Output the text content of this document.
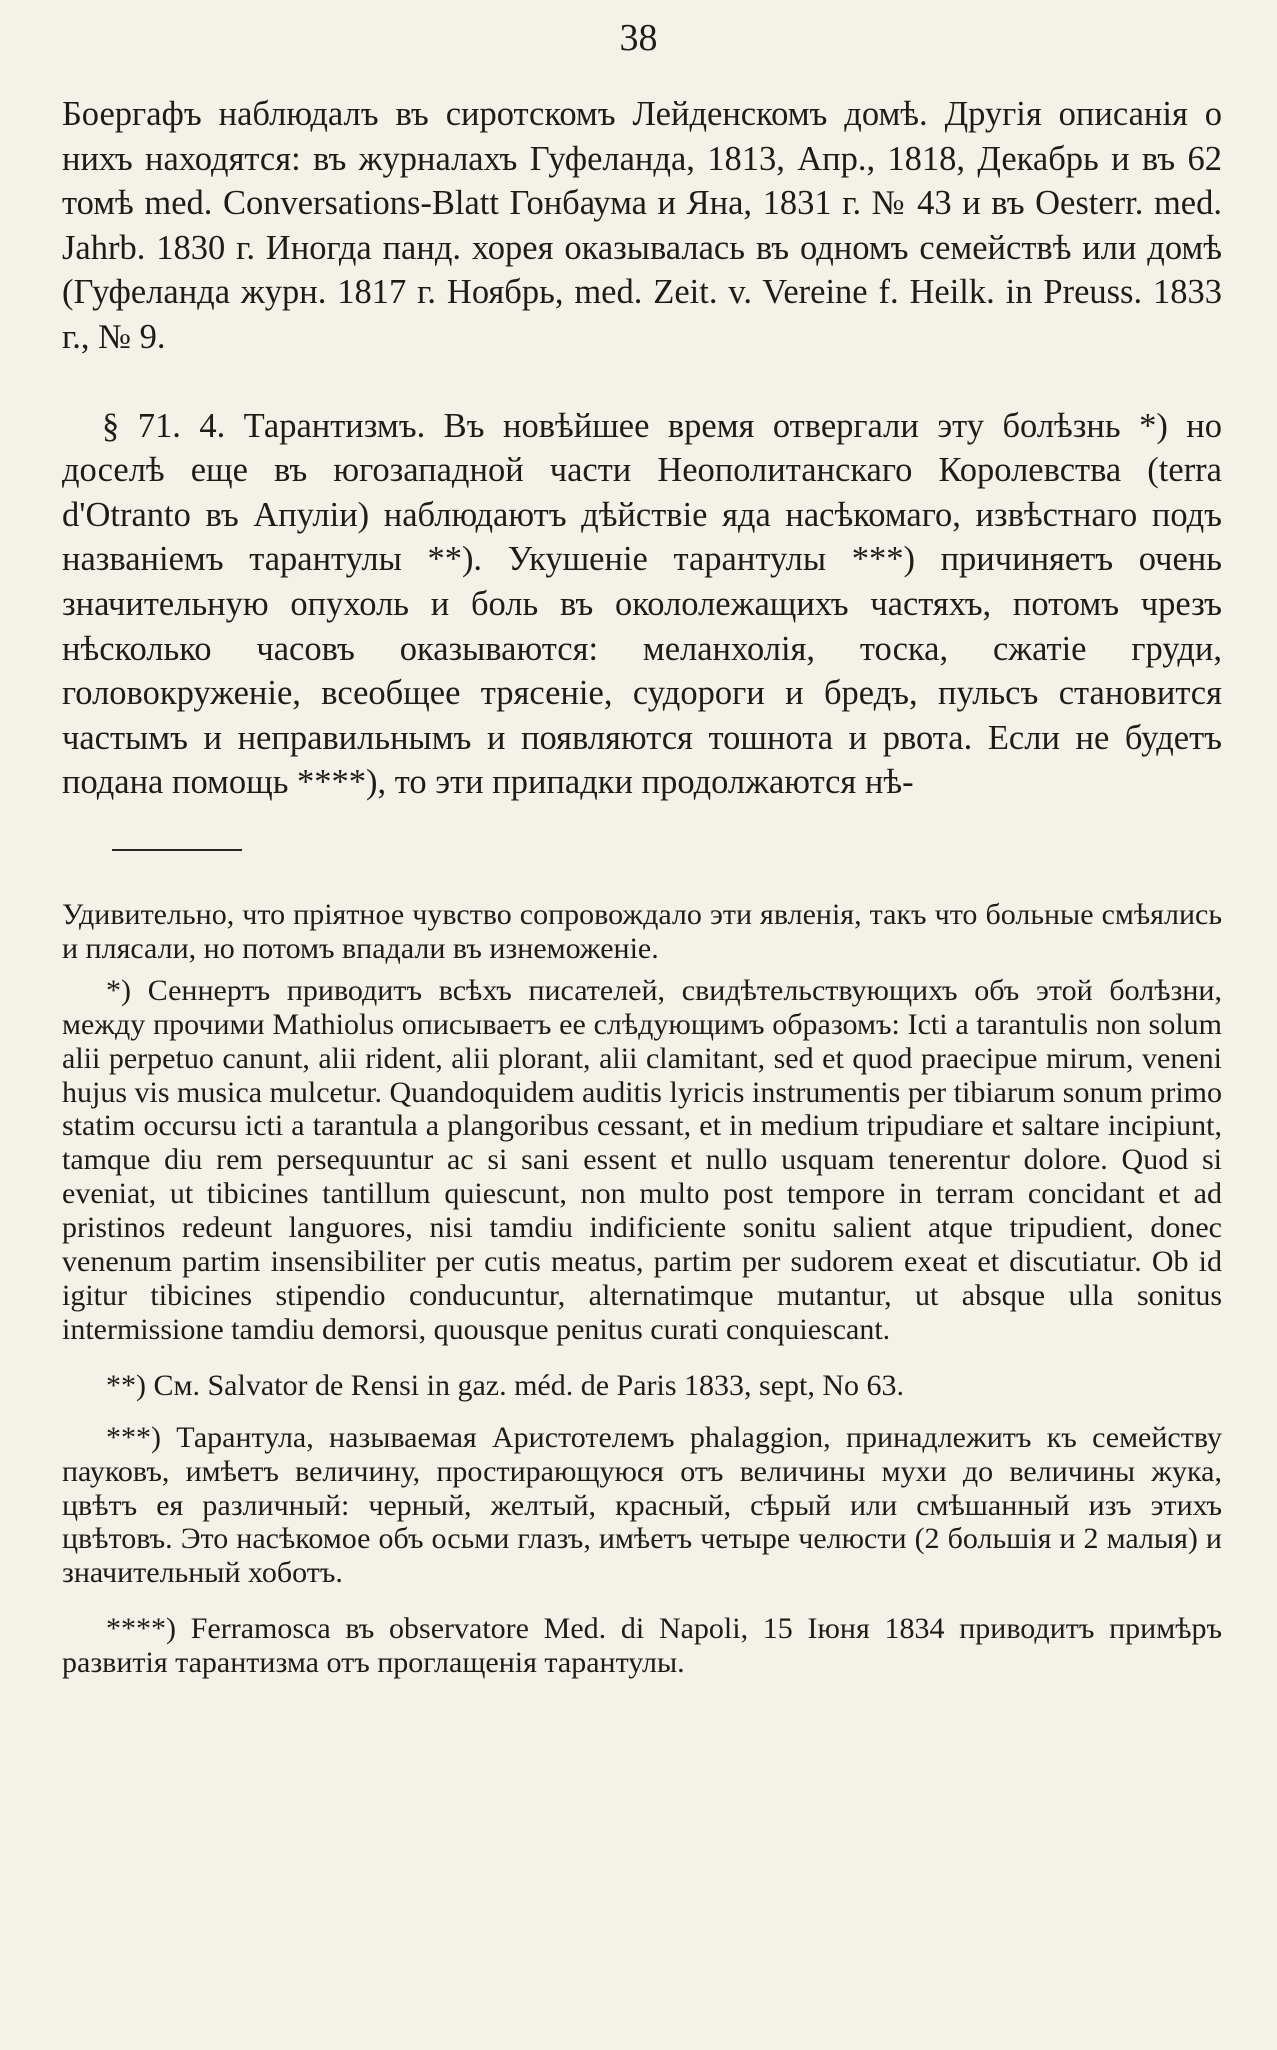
38

Боергафъ наблюдалъ въ сиротскомъ Лейденскомъ домѣ. Другія описанія о нихъ находятся: въ журналахъ Гуфеланда, 1813, Апр., 1818, Декабрь и въ 62 томѣ med. Conversations-Blatt Гонбаума и Яна, 1831 г. № 43 и въ Oesterr. med. Jahrb. 1830 г. Иногда панд. хорея оказывалась въ одномъ семействѣ или домѣ (Гуфеланда журн. 1817 г. Ноябрь, med. Zeit. v. Vereine f. Heilk. in Preuss. 1833 г., № 9.

§ 71. 4. Тарантизмъ. Въ новѣйшее время отвергали эту болѣзнь *) но доселѣ еще въ югозападной части Неополитанскаго Королевства (terra d'Otranto въ Апуліи) наблюдаютъ дѣйствіе яда насѣкомаго, извѣстнаго подъ названіемъ тарантулы **). Укушеніе тарантулы ***) причиняетъ очень значительную опухоль и боль въ окололежащихъ частяхъ, потомъ чрезъ нѣсколько часовъ оказываются: меланхолія, тоска, сжатіе груди, головокруженіе, всеобщее трясеніе, судороги и бредъ, пульсъ становится частымъ и неправильнымъ и появляются тошнота и рвота. Если не будетъ подана помощь ****), то эти припадки продолжаются нѣ-

Удивительно, что пріятное чувство сопровождало эти явленія, такъ что больные смѣялись и плясали, но потомъ впадали въ изнеможеніе.

*) Сеннертъ приводитъ всѣхъ писателей, свидѣтельствующихъ объ этой болѣзни, между прочими Mathiolus описываетъ ее слѣдующимъ образомъ: Icti a tarantulis non solum alii perpetuo canunt, alii rident, alii plorant, alii clamitant, sed et quod praecipue mirum, veneni hujus vis musica mulcetur. Quandoquidem auditis lyricis instrumentis per tibiarum sonum primo statim occursu icti a tarantula a plangoribus cessant, et in medium tripudiare et saltare incipiunt, tamque diu rem persequuntur ac si sani essent et nullo usquam tenerentur dolore. Quod si eveniat, ut tibicines tantillum quiescunt, non multo post tempore in terram concidant et ad pristinos redeunt languores, nisi tamdiu indificiente sonitu salient atque tripudient, donec venenum partim insensibiliter per cutis meatus, partim per sudorem exeat et discutiatur. Ob id igitur tibicines stipendio conducuntur, alternatimque mutantur, ut absque ulla sonitus intermissione tamdiu demorsi, quousque penitus curati conquiescant.

**) См. Salvator de Rensi in gaz. méd. de Paris 1833, sept, No 63.

***) Тарантула, называемая Аристотелемъ phalaggion, принадлежитъ къ семейству пауковъ, имѣетъ величину, простирающуюся отъ величины мухи до величины жука, цвѣтъ ея различный: черный, желтый, красный, сѣрый или смѣшанный изъ этихъ цвѣтовъ. Это насѣкомое объ осьми глазъ, имѣетъ четыре челюсти (2 большія и 2 малыя) и значительный хоботъ.

****) Ferramosca въ observatore Med. di Napoli, 15 Іюня 1834 приводитъ примѣръ развитія тарантизма отъ проглащенія тарантулы.
